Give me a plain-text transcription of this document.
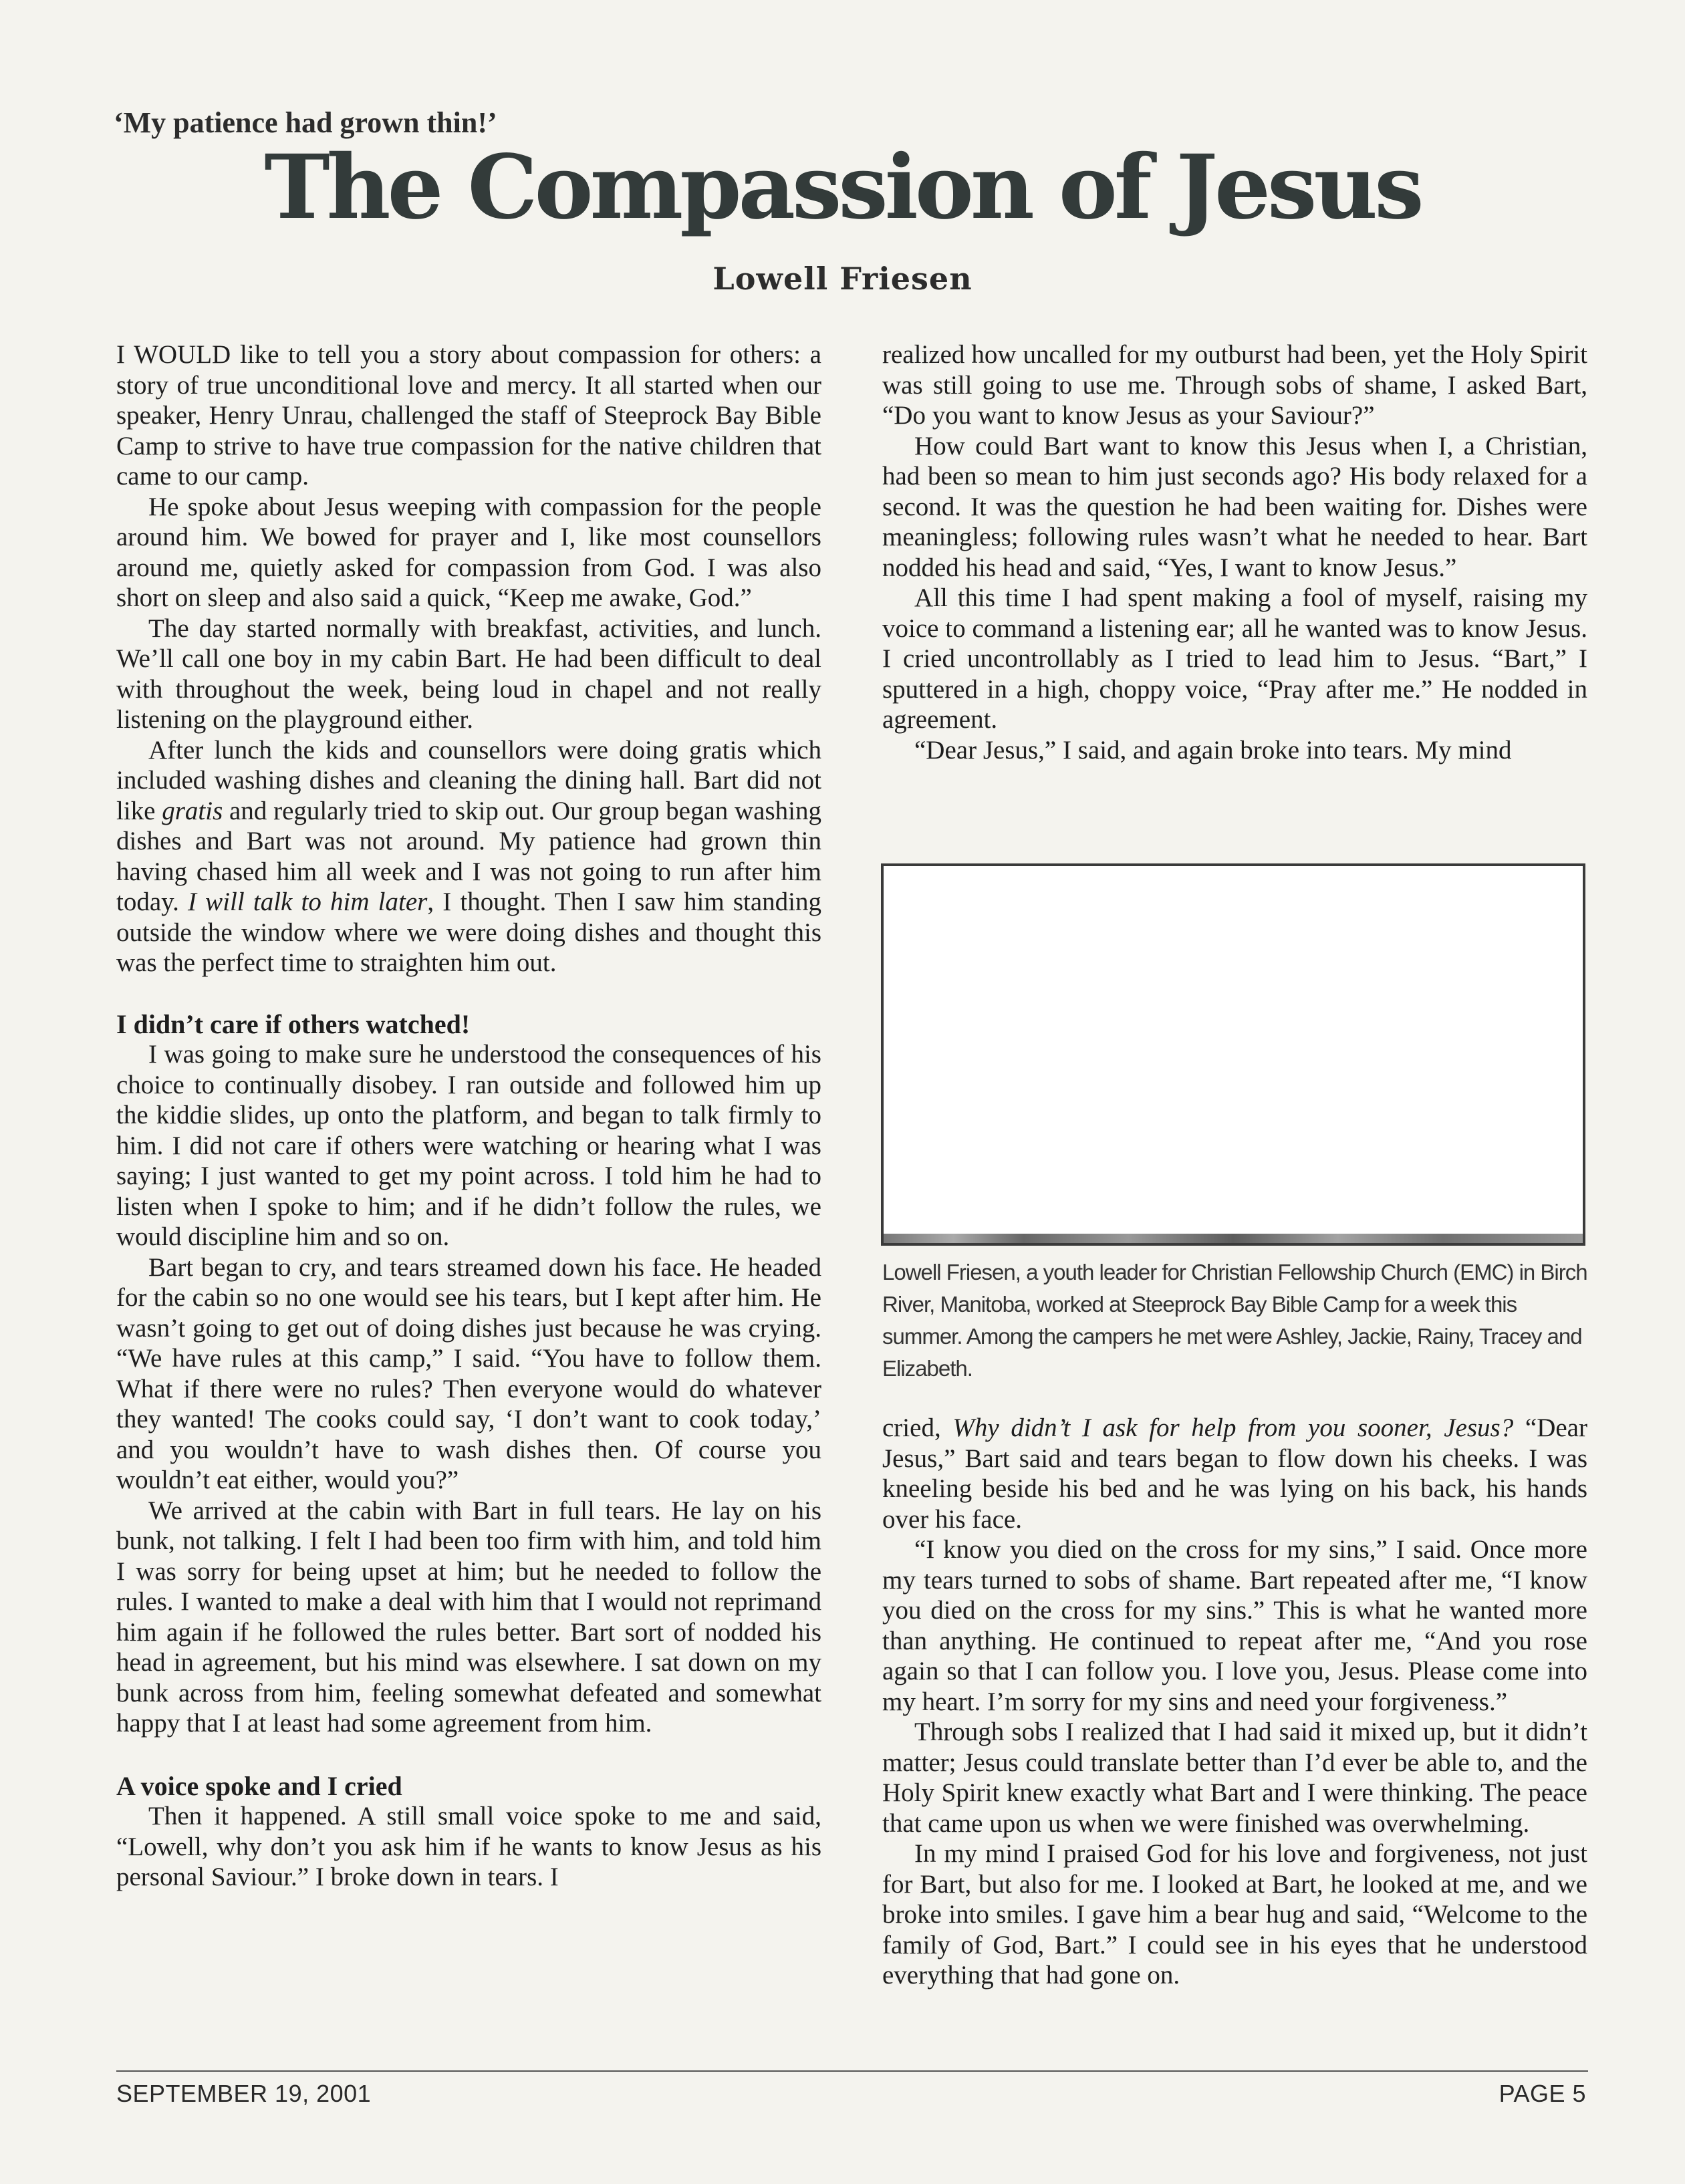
‘My patience had grown thin!’
The Compassion of Jesus
Lowell Friesen

I WOULD like to tell you a story about compassion for others: a story of true unconditional love and mercy. It all started when our speaker, Henry Unrau, challenged the staff of Steeprock Bay Bible Camp to strive to have true compassion for the native children that came to our camp.

He spoke about Jesus weeping with compassion for the people around him. We bowed for prayer and I, like most counsellors around me, quietly asked for compassion from God. I was also short on sleep and also said a quick, “Keep me awake, God.”

The day started normally with breakfast, activities, and lunch. We’ll call one boy in my cabin Bart. He had been difficult to deal with throughout the week, being loud in chapel and not really listening on the playground either.

After lunch the kids and counsellors were doing gratis which included washing dishes and cleaning the dining hall. Bart did not like gratis and regularly tried to skip out. Our group began washing dishes and Bart was not around. My patience had grown thin having chased him all week and I was not going to run after him today. I will talk to him later, I thought. Then I saw him standing outside the window where we were doing dishes and thought this was the perfect time to straighten him out.

I didn’t care if others watched!

I was going to make sure he understood the consequences of his choice to continually disobey. I ran outside and followed him up the kiddie slides, up onto the platform, and began to talk firmly to him. I did not care if others were watching or hearing what I was saying; I just wanted to get my point across. I told him he had to listen when I spoke to him; and if he didn’t follow the rules, we would discipline him and so on.

Bart began to cry, and tears streamed down his face. He headed for the cabin so no one would see his tears, but I kept after him. He wasn’t going to get out of doing dishes just because he was crying. “We have rules at this camp,” I said. “You have to follow them. What if there were no rules? Then everyone would do whatever they wanted! The cooks could say, ‘I don’t want to cook today,’ and you wouldn’t have to wash dishes then. Of course you wouldn’t eat either, would you?”

We arrived at the cabin with Bart in full tears. He lay on his bunk, not talking. I felt I had been too firm with him, and told him I was sorry for being upset at him; but he needed to follow the rules. I wanted to make a deal with him that I would not reprimand him again if he followed the rules better. Bart sort of nodded his head in agreement, but his mind was elsewhere. I sat down on my bunk across from him, feeling somewhat defeated and somewhat happy that I at least had some agreement from him.

A voice spoke and I cried

Then it happened. A still small voice spoke to me and said, “Lowell, why don’t you ask him if he wants to know Jesus as his personal Saviour.” I broke down in tears. I

realized how uncalled for my outburst had been, yet the Holy Spirit was still going to use me. Through sobs of shame, I asked Bart, “Do you want to know Jesus as your Saviour?”

How could Bart want to know this Jesus when I, a Christian, had been so mean to him just seconds ago? His body relaxed for a second. It was the question he had been waiting for. Dishes were meaningless; following rules wasn’t what he needed to hear. Bart nodded his head and said, “Yes, I want to know Jesus.”

All this time I had spent making a fool of myself, raising my voice to command a listening ear; all he wanted was to know Jesus. I cried uncontrollably as I tried to lead him to Jesus. “Bart,” I sputtered in a high, choppy voice, “Pray after me.” He nodded in agreement.

“Dear Jesus,” I said, and again broke into tears. My mind

Lowell Friesen, a youth leader for Christian Fellowship Church (EMC) in Birch River, Manitoba, worked at Steeprock Bay Bible Camp for a week this summer. Among the campers he met were Ashley, Jackie, Rainy, Tracey and Elizabeth.

cried, Why didn’t I ask for help from you sooner, Jesus? “Dear Jesus,” Bart said and tears began to flow down his cheeks. I was kneeling beside his bed and he was lying on his back, his hands over his face.

“I know you died on the cross for my sins,” I said. Once more my tears turned to sobs of shame. Bart repeated after me, “I know you died on the cross for my sins.” This is what he wanted more than anything. He continued to repeat after me, “And you rose again so that I can follow you. I love you, Jesus. Please come into my heart. I’m sorry for my sins and need your forgiveness.”

Through sobs I realized that I had said it mixed up, but it didn’t matter; Jesus could translate better than I’d ever be able to, and the Holy Spirit knew exactly what Bart and I were thinking. The peace that came upon us when we were finished was overwhelming.

In my mind I praised God for his love and forgiveness, not just for Bart, but also for me. I looked at Bart, he looked at me, and we broke into smiles. I gave him a bear hug and said, “Welcome to the family of God, Bart.” I could see in his eyes that he understood everything that had gone on.

SEPTEMBER 19, 2001	PAGE 5
